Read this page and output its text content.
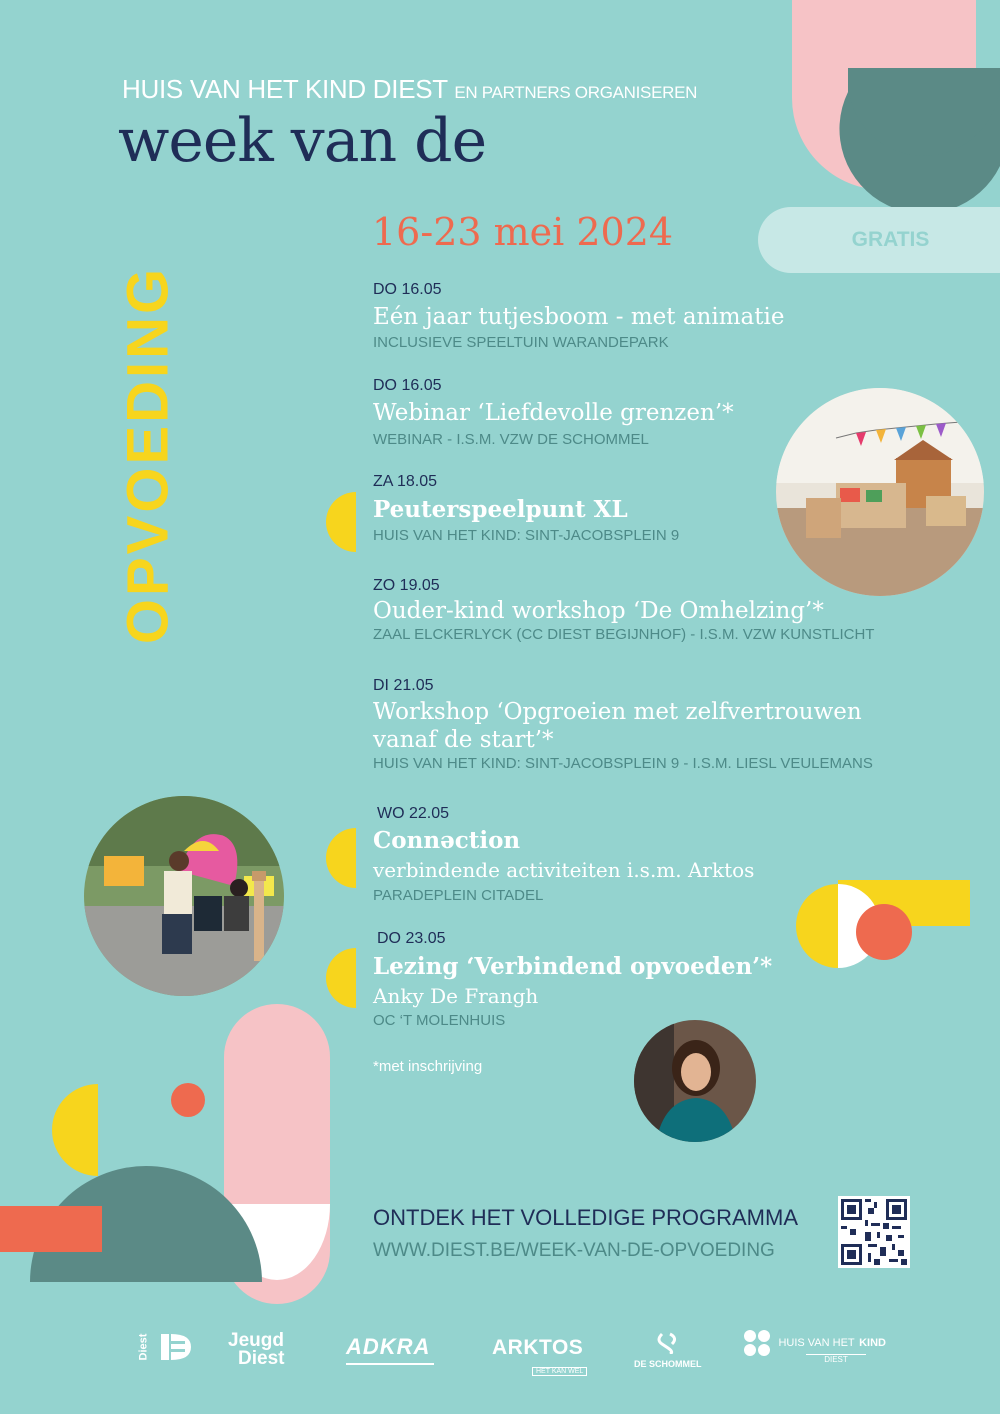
HUIS VAN HET KIND DIEST EN PARTNERS ORGANISEREN
week van de
OPVOEDING
16-23 mei 2024	GRATIS
DO 16.05
Eén jaar tutjesboom - met animatie
INCLUSIEVE SPEELTUIN WARANDEPARK
DO 16.05
Webinar ‘Liefdevolle grenzen’*
WEBINAR - I.S.M. VZW DE SCHOMMEL
ZA 18.05
Peuterspeelpunt XL
HUIS VAN HET KIND: SINT-JACOBSPLEIN 9
ZO 19.05
Ouder-kind workshop ‘De Omhelzing’*
ZAAL ELCKERLYCK (CC DIEST BEGIJNHOF) - I.S.M. VZW KUNSTLICHT
DI 21.05
Workshop ‘Opgroeien met zelfvertrouwen
vanaf de start’*
HUIS VAN HET KIND: SINT-JACOBSPLEIN 9 - I.S.M. LIESL VEULEMANS
WO 22.05
Connəction
verbindende activiteiten i.s.m. Arktos
PARADEPLEIN CITADEL
DO 23.05
Lezing ‘Verbindend opvoeden’*
Anky De Frangh
OC ‘T MOLENHUIS
*met inschrijving
ONTDEK HET VOLLEDIGE PROGRAMMA
WWW.DIEST.BE/WEEK-VAN-DE-OPVOEDING
Diest	Jeugd
Diest	ADKRA	ARKTOS
HET KAN WEL
DE SCHOMMEL
HUIS VAN HET KIND
DIEST
